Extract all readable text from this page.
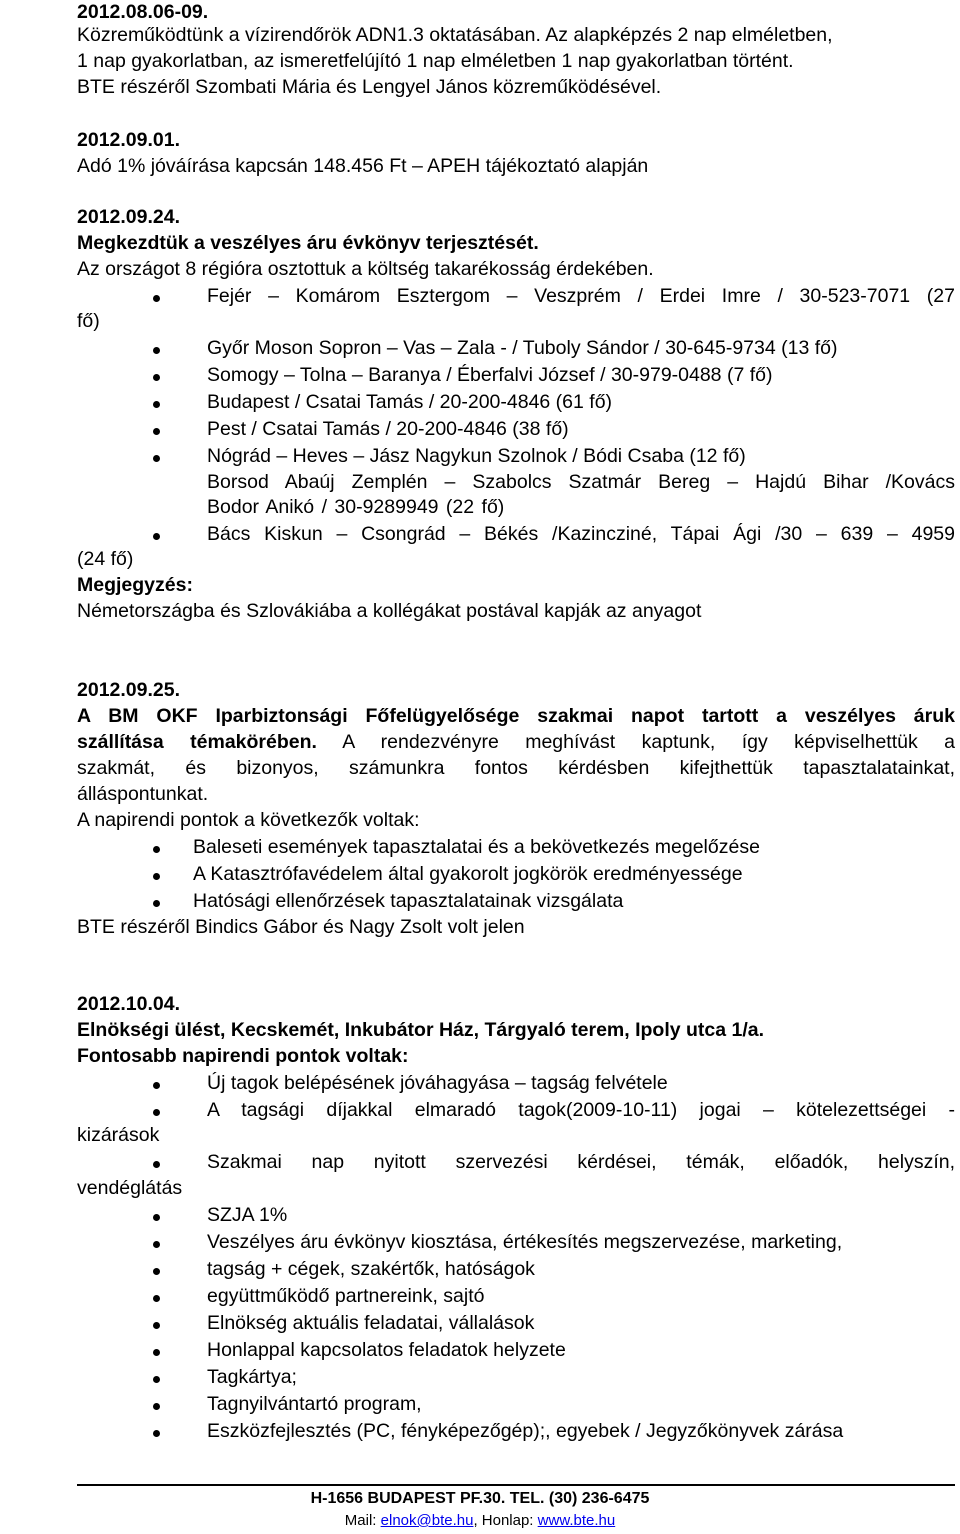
2012.08.06-09.
Közreműködtünk a vízirendőrök ADN1.3 oktatásában. Az alapképzés 2 nap elméletben,
1 nap gyakorlatban, az ismeretfelújító 1 nap elméletben 1 nap gyakorlatban történt.
BTE részéről Szombati Mária és Lengyel János közreműködésével.
2012.09.01.
Adó 1% jóváírása kapcsán 148.456 Ft – APEH tájékoztató alapján
2012.09.24.
Megkezdtük a veszélyes áru évkönyv terjesztését.
Az országot 8 régióra osztottuk a költség takarékosság érdekében.
Fejér – Komárom Esztergom – Veszprém / Erdei Imre / 30-523-7071 (27
fő)
Győr Moson Sopron – Vas – Zala - / Tuboly Sándor / 30-645-9734 (13 fő)
Somogy – Tolna – Baranya / Éberfalvi József / 30-979-0488 (7 fő)
Budapest / Csatai Tamás / 20-200-4846 (61 fő)
Pest / Csatai Tamás / 20-200-4846 (38 fő)
Nógrád – Heves – Jász Nagykun Szolnok / Bódi Csaba (12 fő)
Borsod Abaúj Zemplén – Szabolcs Szatmár Bereg – Hajdú Bihar /Kovács
Bodor Anikó / 30-9289949 (22 fő)
Bács Kiskun – Csongrád – Békés /Kazincziné, Tápai Ági /30 – 639 – 4959
(24 fő)
Megjegyzés:
Németországba és Szlovákiába a kollégákat postával kapják az anyagot
2012.09.25.
A BM OKF Iparbiztonsági Főfelügyelősége szakmai napot tartott a veszélyes áruk
szállítása témakörében. A rendezvényre meghívást kaptunk, így képviselhettük a
szakmát, és bizonyos, számunkra fontos kérdésben kifejthettük tapasztalatainkat,
álláspontunkat.
A napirendi pontok a következők voltak:
Baleseti események tapasztalatai és a bekövetkezés megelőzése
A Katasztrófavédelem által gyakorolt jogkörök eredményessége
Hatósági ellenőrzések tapasztalatainak vizsgálata
BTE részéről Bindics Gábor és Nagy Zsolt volt jelen
2012.10.04.
Elnökségi ülést, Kecskemét, Inkubátor Ház, Tárgyaló terem, Ipoly utca 1/a.
Fontosabb napirendi pontok voltak:
Új tagok belépésének jóváhagyása – tagság felvétele
A tagsági díjakkal elmaradó tagok(2009-10-11) jogai – kötelezettségei -
kizárások
Szakmai nap nyitott szervezési kérdései, témák, előadók, helyszín,
vendéglátás
SZJA 1%
Veszélyes áru évkönyv kiosztása, értékesítés megszervezése, marketing,
tagság + cégek, szakértők, hatóságok
együttműködő partnereink, sajtó
Elnökség aktuális feladatai, vállalások
Honlappal kapcsolatos feladatok helyzete
Tagkártya;
Tagnyilvántartó program,
Eszközfejlesztés (PC, fényképezőgép);, egyebek / Jegyzőkönyvek zárása
H-1656 BUDAPEST PF.30. TEL. (30) 236-6475
Mail: elnok@bte.hu, Honlap: www.bte.hu
